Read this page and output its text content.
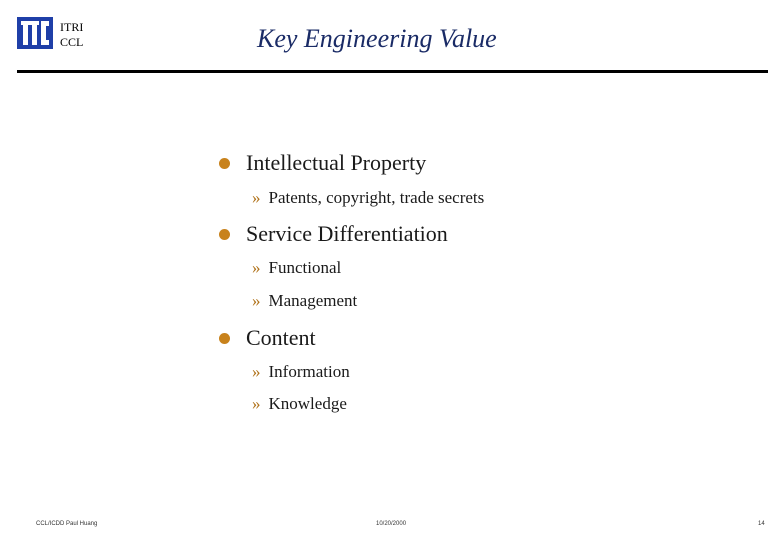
ITRI
CCL	Key Engineering Value
Intellectual Property
» Patents, copyright, trade secrets
Service Differentiation
» Functional
» Management
Content
» Information
» Knowledge
CCL/ICDD Paul Huang	10/20/2000	14
